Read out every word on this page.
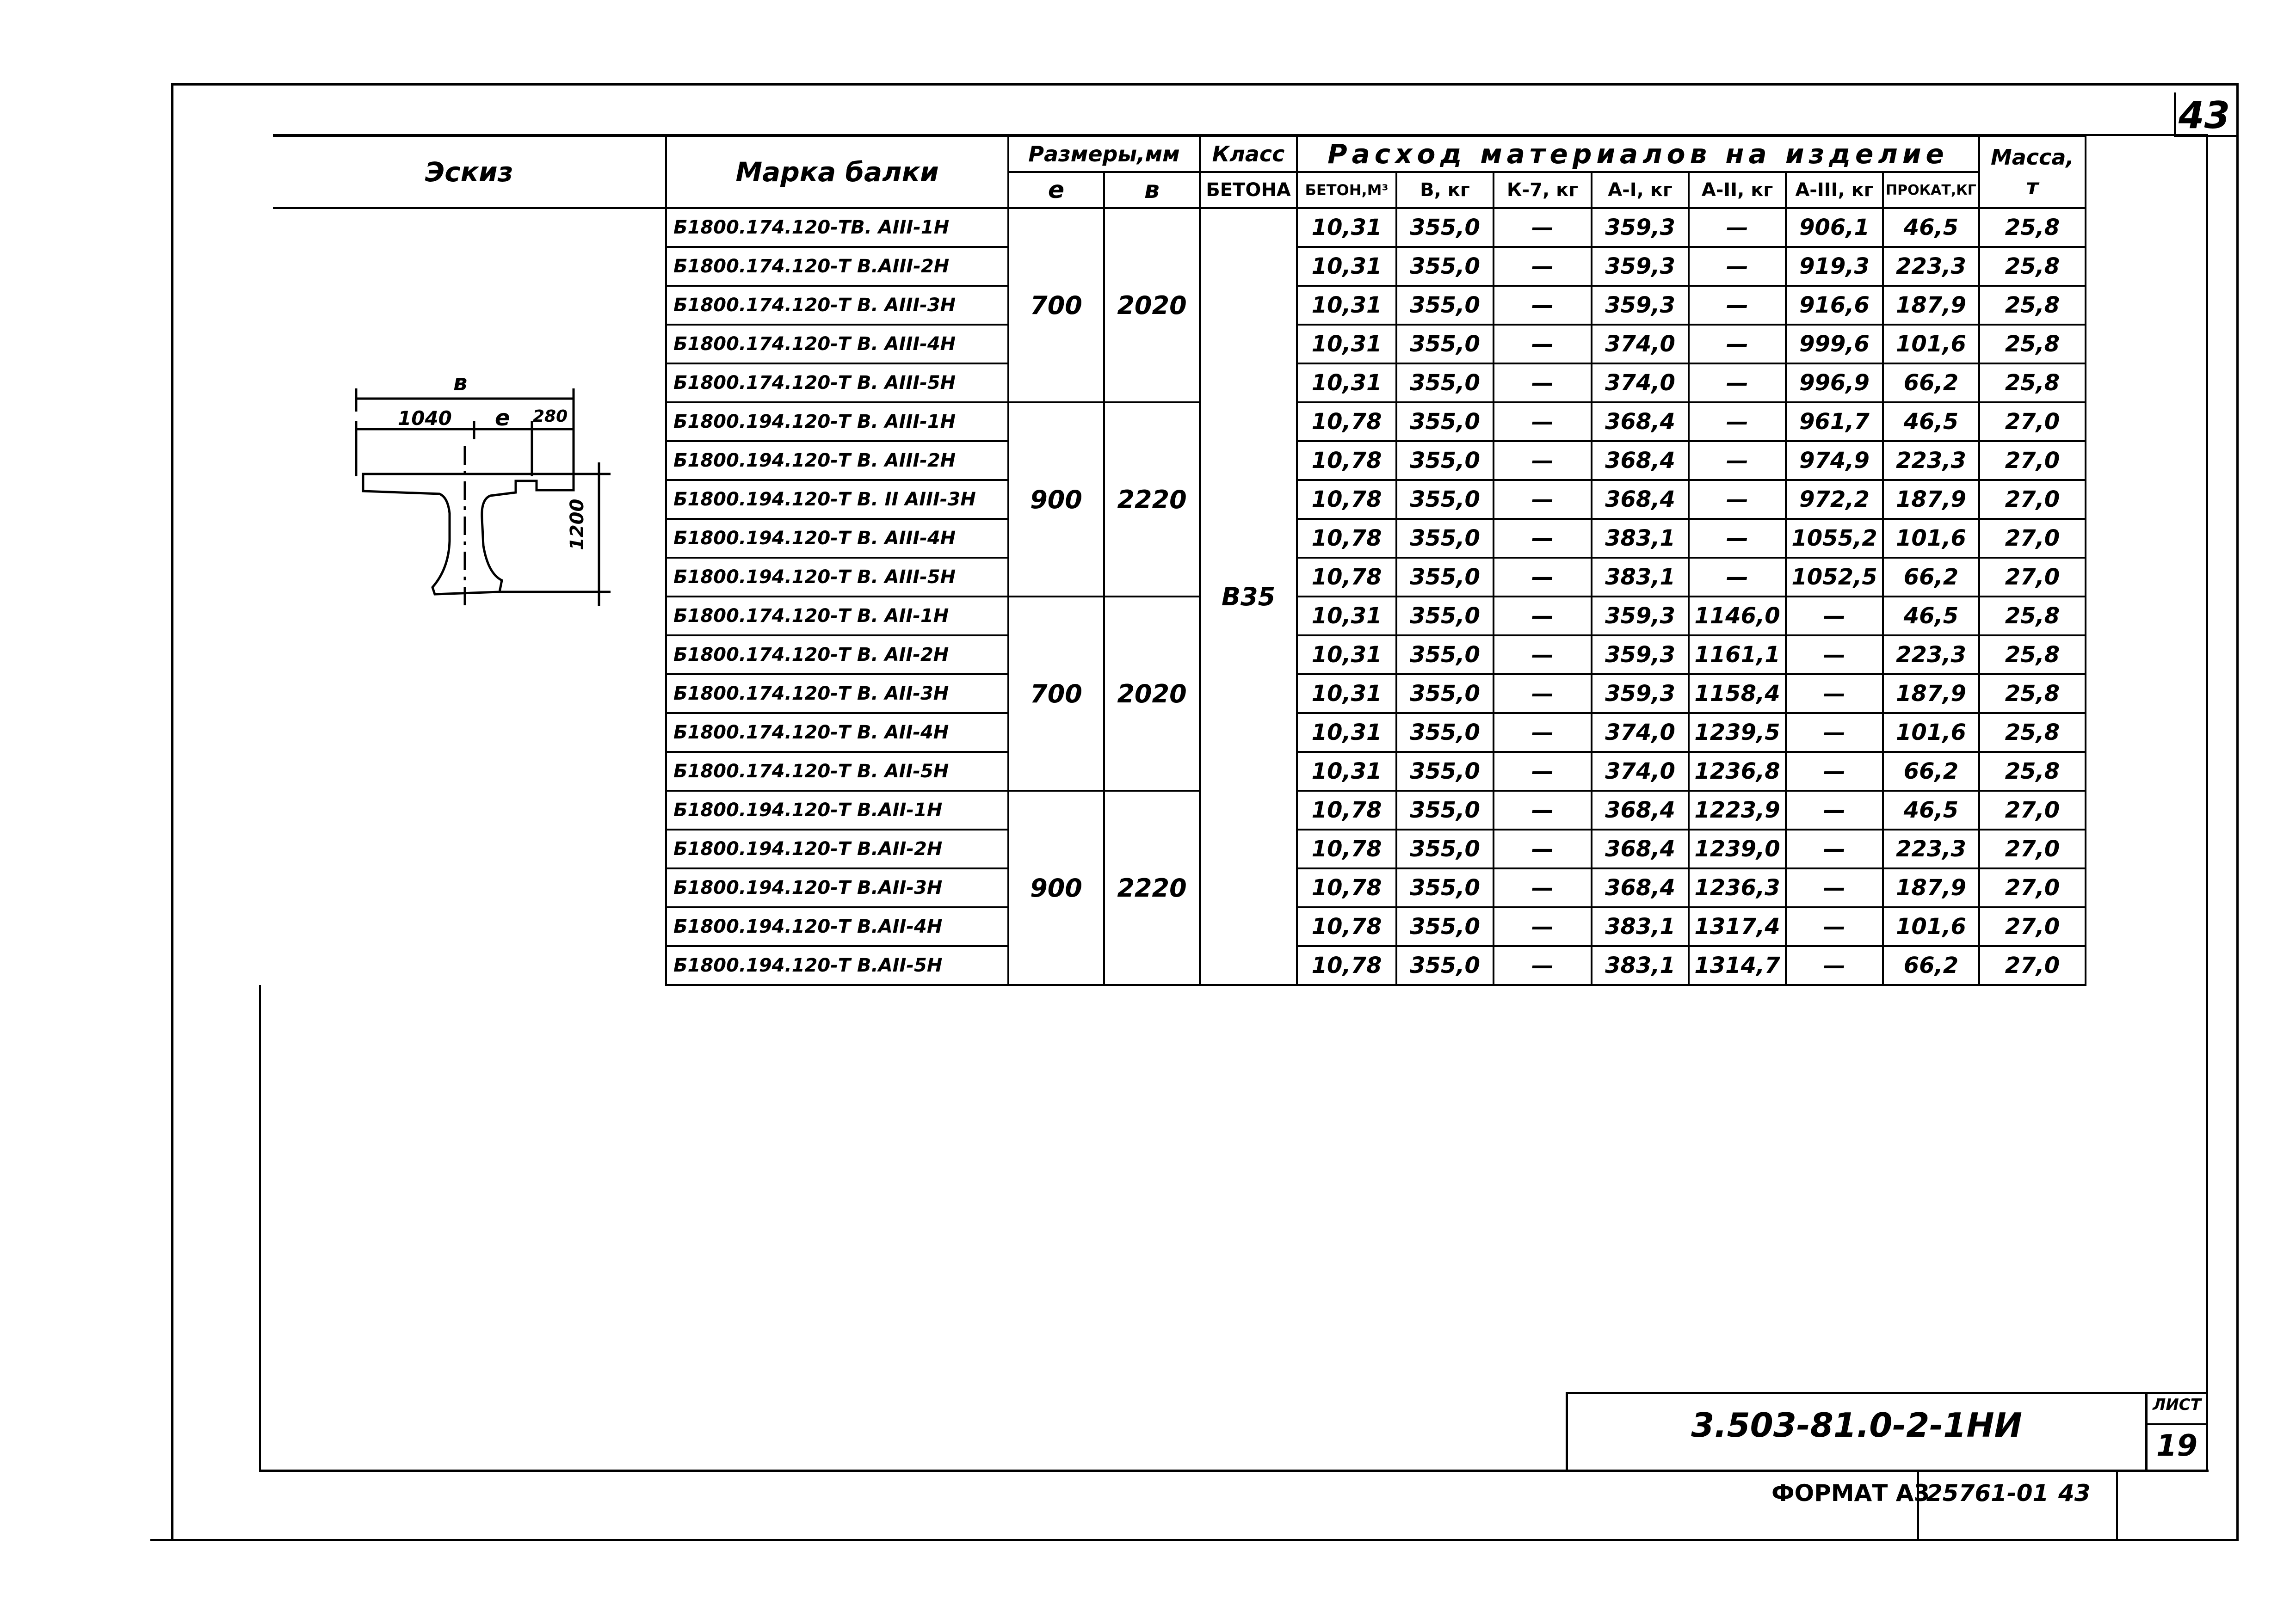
43
Эскиз	Марка балки	Размеры,мм		Класс	Расход материалов на изделие							Масса,
т
		e	в	БЕТОНА	БЕТОН,М³	В, кг	К-7, кг	А-I, кг	А-II, кг	А-III, кг	ПРОКАТ,КГ	
	Б1800.174.120-ТВ. АIII-1Н	700	2020	В35	10,31	355,0	—	359,3	—	906,1	46,5	25,8
	Б1800.174.120-Т В.АIII-2Н				10,31	355,0	—	359,3	—	919,3	223,3	25,8
	Б1800.174.120-Т В. АIII-3Н				10,31	355,0	—	359,3	—	916,6	187,9	25,8
	Б1800.174.120-Т В. АIII-4Н				10,31	355,0	—	374,0	—	999,6	101,6	25,8
	Б1800.174.120-Т В. АIII-5Н				10,31	355,0	—	374,0	—	996,9	66,2	25,8
	Б1800.194.120-Т В. АIII-1Н	900	2220		10,78	355,0	—	368,4	—	961,7	46,5	27,0
	Б1800.194.120-Т В. АIII-2Н				10,78	355,0	—	368,4	—	974,9	223,3	27,0
	Б1800.194.120-Т В. II АIII-3Н				10,78	355,0	—	368,4	—	972,2	187,9	27,0
	Б1800.194.120-Т В. АIII-4Н				10,78	355,0	—	383,1	—	1055,2	101,6	27,0
	Б1800.194.120-Т В. АIII-5Н				10,78	355,0	—	383,1	—	1052,5	66,2	27,0
	Б1800.174.120-Т В. АII-1Н	700	2020		10,31	355,0	—	359,3	1146,0	—	46,5	25,8
	Б1800.174.120-Т В. АII-2Н				10,31	355,0	—	359,3	1161,1	—	223,3	25,8
	Б1800.174.120-Т В. АII-3Н				10,31	355,0	—	359,3	1158,4	—	187,9	25,8
	Б1800.174.120-Т В. АII-4Н				10,31	355,0	—	374,0	1239,5	—	101,6	25,8
	Б1800.174.120-Т В. АII-5Н				10,31	355,0	—	374,0	1236,8	—	66,2	25,8
	Б1800.194.120-Т В.АII-1Н	900	2220		10,78	355,0	—	368,4	1223,9	—	46,5	27,0
	Б1800.194.120-Т В.АII-2Н				10,78	355,0	—	368,4	1239,0	—	223,3	27,0
	Б1800.194.120-Т В.АII-3Н				10,78	355,0	—	368,4	1236,3	—	187,9	27,0
	Б1800.194.120-Т В.АII-4Н				10,78	355,0	—	383,1	1317,4	—	101,6	27,0
	Б1800.194.120-Т В.АII-5Н				10,78	355,0	—	383,1	1314,7	—	66,2	27,0
в
1040 e 280
1200
3.503-81.0-2-1НИ
ЛИСТ
19
ФОРМАТ А3
25761-01 43
